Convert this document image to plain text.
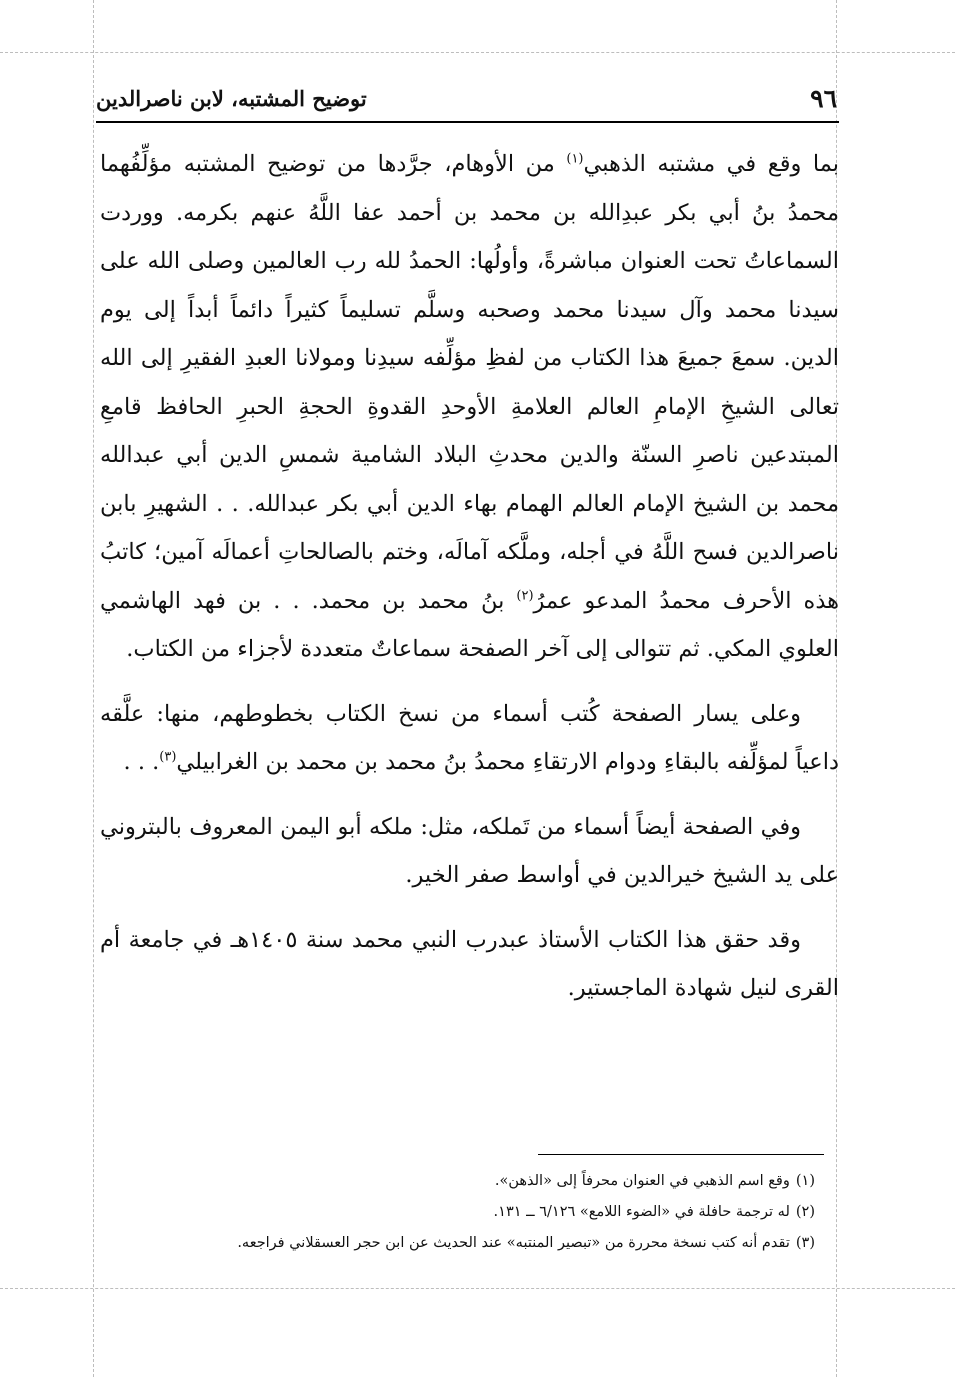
٩٦
توضيح المشتبه، لابن ناصرالدين

بما وقع في مشتبه الذهبي$^{(١)}$ من الأوهام، جرَّدها من توضيح المشتبه مؤلِّفُهما محمدُ بنُ أبي بكر عبدِالله بن محمد بن أحمد عفا اللَّهُ عنهم بكرمه. ووردت السماعاتُ تحت العنوان مباشرةً، وأولُها: الحمدُ لله رب العالمين وصلى الله على سيدنا محمد وآل سيدنا محمد وصحبه وسلَّم تسليماً كثيراً دائماً أبداً إلى يوم الدين. سمعَ جميعَ هذا الكتاب من لفظِ مؤلِّفه سيدِنا ومولانا العبدِ الفقيرِ إلى الله تعالى الشيخِ الإمامِ العالم العلامةِ الأوحدِ القدوةِ الحجةِ الحبرِ الحافظ قامعِ المبتدعين ناصرِ السنّة والدين محدثِ البلاد الشامية شمسِ الدين أبي عبدالله محمد بن الشيخ الإمام العالم الهمام بهاء الدين أبي بكر عبدالله. . . الشهيرِ بابن ناصرالدين فسح اللَّهُ في أجله، وملَّكه آمالَه، وختم بالصالحاتِ أعمالَه آمين؛ كاتبُ هذه الأحرف محمدُ المدعو عمرُ$^{(٢)}$ بنُ محمد بن محمد. . . بن فهد الهاشمي العلوي المكي. ثم تتوالى إلى آخر الصفحة سماعاتٌ متعددة لأجزاء من الكتاب.

وعلى يسار الصفحة كُتب أسماء من نسخ الكتاب بخطوطهم، منها: علَّقه داعياً لمؤلِّفه بالبقاءِ ودوام الارتقاءِ محمدُ بنُ محمد بن محمد بن الغرابيلي$^{(٣)}$. . .

وفي الصفحة أيضاً أسماء من تَملكه، مثل: ملكه أبو اليمن المعروف بالبتروني على يد الشيخ خيرالدين في أواسط صفر الخير.

وقد حقق هذا الكتاب الأستاذ عبدرب النبي محمد سنة ١٤٠٥هـ في جامعة أم القرى لنيل شهادة الماجستير.

(١)وقع اسم الذهبي في العنوان محرفاً إلى «الذهن».

(٢)له ترجمة حافلة في «الضوء اللامع» ٦/١٢٦ ــ ١٣١.

(٣)تقدم أنه كتب نسخة محررة من «تبصير المنتبه» عند الحديث عن ابن حجر العسقلاني فراجعه.
